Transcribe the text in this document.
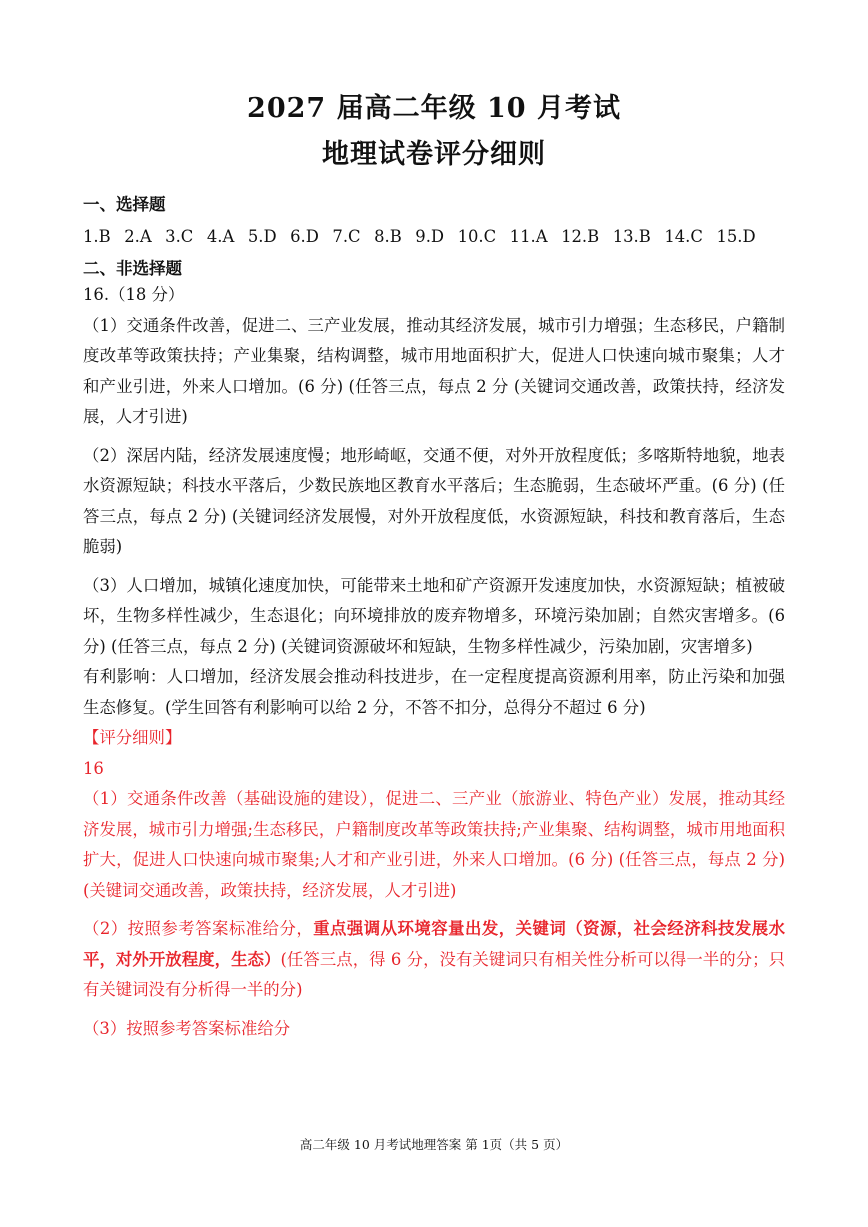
2027 届高二年级 10 月考试
地理试卷评分细则

一、选择题

1.B 2.A 3.C 4.A 5.D 6.D 7.C 8.B 9.D 10.C 11.A 12.B 13.B 14.C 15.D

二、非选择题

16.（18 分）

（1）交通条件改善，促进二、三产业发展，推动其经济发展，城市引力增强；生态移民，户籍制度改革等政策扶持；产业集聚，结构调整，城市用地面积扩大，促进人口快速向城市聚集；人才和产业引进，外来人口增加。(6 分) (任答三点，每点 2 分 (关键词交通改善，政策扶持，经济发展，人才引进)

（2）深居内陆，经济发展速度慢；地形崎岖，交通不便，对外开放程度低；多喀斯特地貌，地表水资源短缺；科技水平落后，少数民族地区教育水平落后；生态脆弱，生态破坏严重。(6 分) (任答三点，每点 2 分) (关键词经济发展慢，对外开放程度低，水资源短缺，科技和教育落后，生态脆弱)

（3）人口增加，城镇化速度加快，可能带来土地和矿产资源开发速度加快，水资源短缺；植被破坏，生物多样性减少，生态退化；向环境排放的废弃物增多，环境污染加剧；自然灾害增多。(6 分) (任答三点，每点 2 分) (关键词资源破坏和短缺，生物多样性减少，污染加剧，灾害增多)

有利影响：人口增加，经济发展会推动科技进步，在一定程度提高资源利用率，防止污染和加强生态修复。(学生回答有利影响可以给 2 分，不答不扣分，总得分不超过 6 分)

【评分细则】

16

（1）交通条件改善（基础设施的建设），促进二、三产业（旅游业、特色产业）发展，推动其经济发展，城市引力增强;生态移民，户籍制度改革等政策扶持;产业集聚、结构调整，城市用地面积扩大，促进人口快速向城市聚集;人才和产业引进，外来人口增加。(6 分) (任答三点，每点 2 分) (关键词交通改善，政策扶持，经济发展，人才引进)

（2）按照参考答案标准给分，重点强调从环境容量出发，关键词（资源，社会经济科技发展水平，对外开放程度，生态）(任答三点，得 6 分，没有关键词只有相关性分析可以得一半的分；只有关键词没有分析得一半的分)

（3）按照参考答案标准给分

高二年级 10 月考试地理答案 第 1页（共 5 页）
